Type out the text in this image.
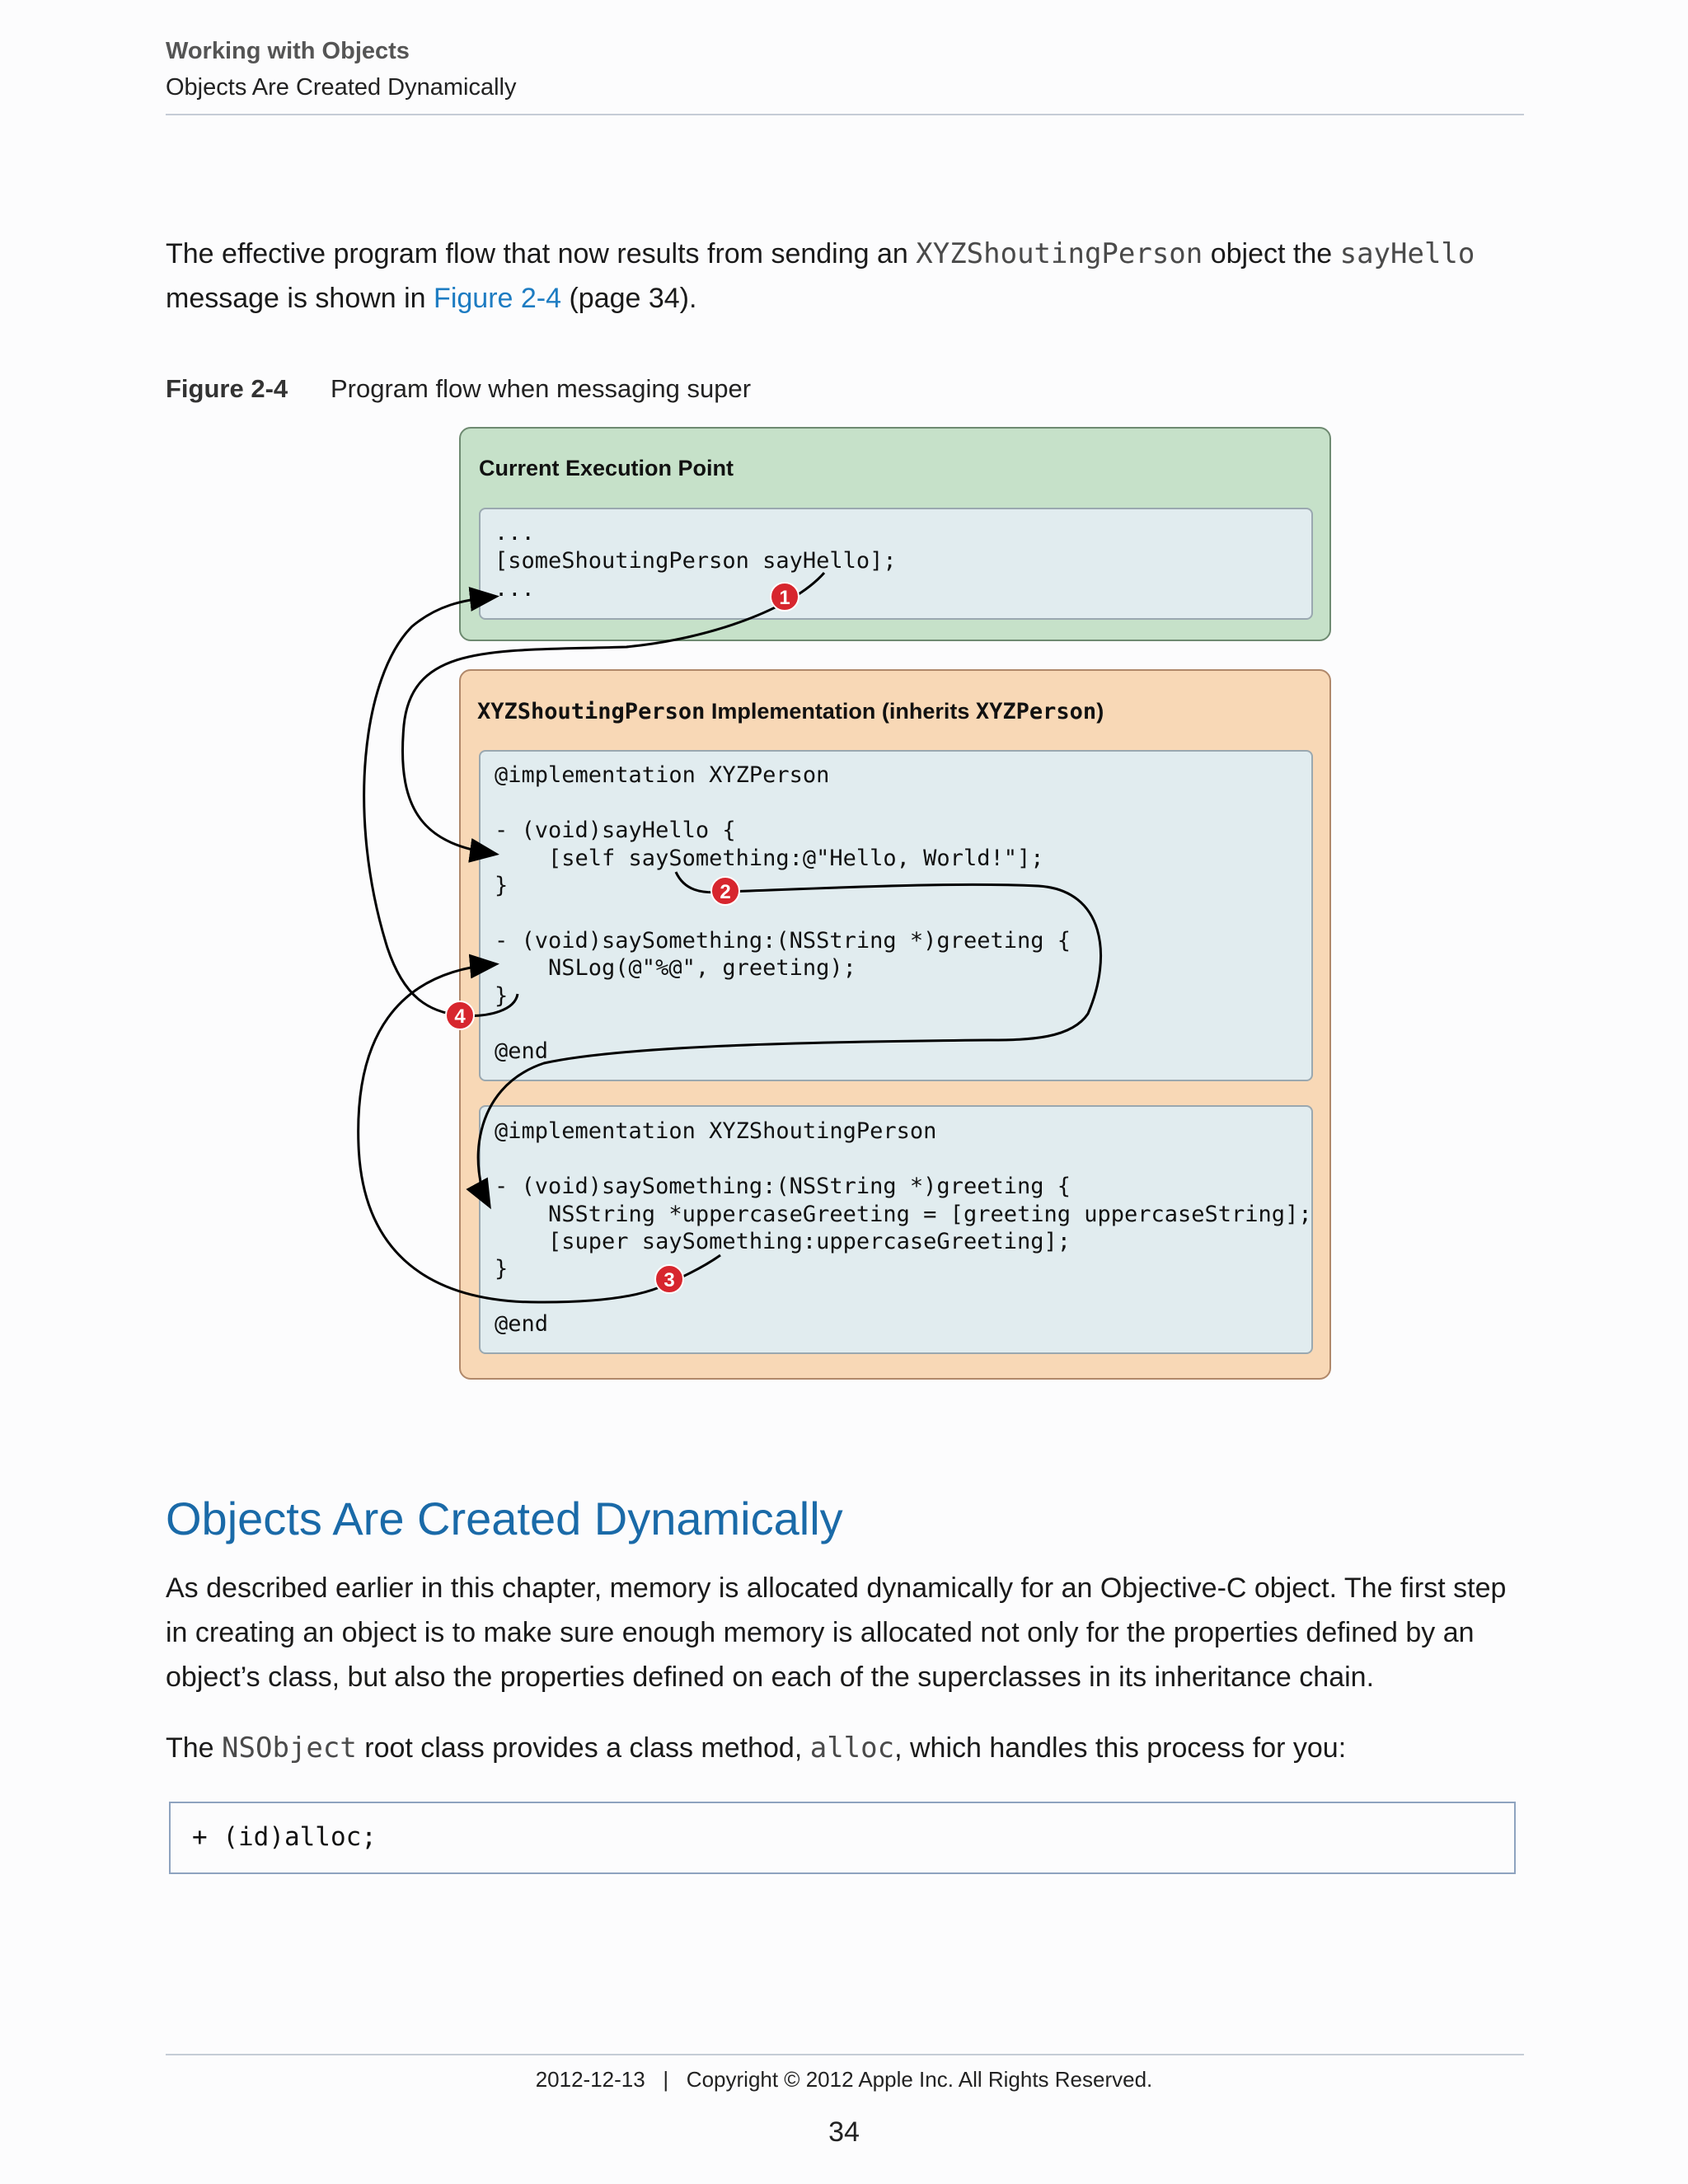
Working with Objects
Objects Are Created Dynamically
The effective program flow that now results from sending an XYZShoutingPerson object the sayHello
message is shown in Figure 2-4 (page 34).
Figure 2-4 Program flow when messaging super
Current Execution Point
...
[someShoutingPerson sayHello];
...
XYZShoutingPerson Implementation (inherits XYZPerson)
@implementation XYZPerson
- (void)sayHello {
[self saySomething:@"Hello, World!"];
}
- (void)saySomething:(NSString *)greeting {
NSLog(@"%@", greeting);
}
@end
@implementation XYZShoutingPerson
- (void)saySomething:(NSString *)greeting {
NSString *uppercaseGreeting = [greeting uppercaseString];
[super saySomething:uppercaseGreeting];
}
@end
1
2
3
4
Objects Are Created Dynamically
As described earlier in this chapter, memory is allocated dynamically for an Objective-C object. The first step in creating an object is to make sure enough memory is allocated not only for the properties defined by an object’s class, but also the properties defined on each of the superclasses in its inheritance chain.
The NSObject root class provides a class method, alloc, which handles this process for you:
+ (id)alloc;
2012-12-13   |   Copyright © 2012 Apple Inc. All Rights Reserved.
34
